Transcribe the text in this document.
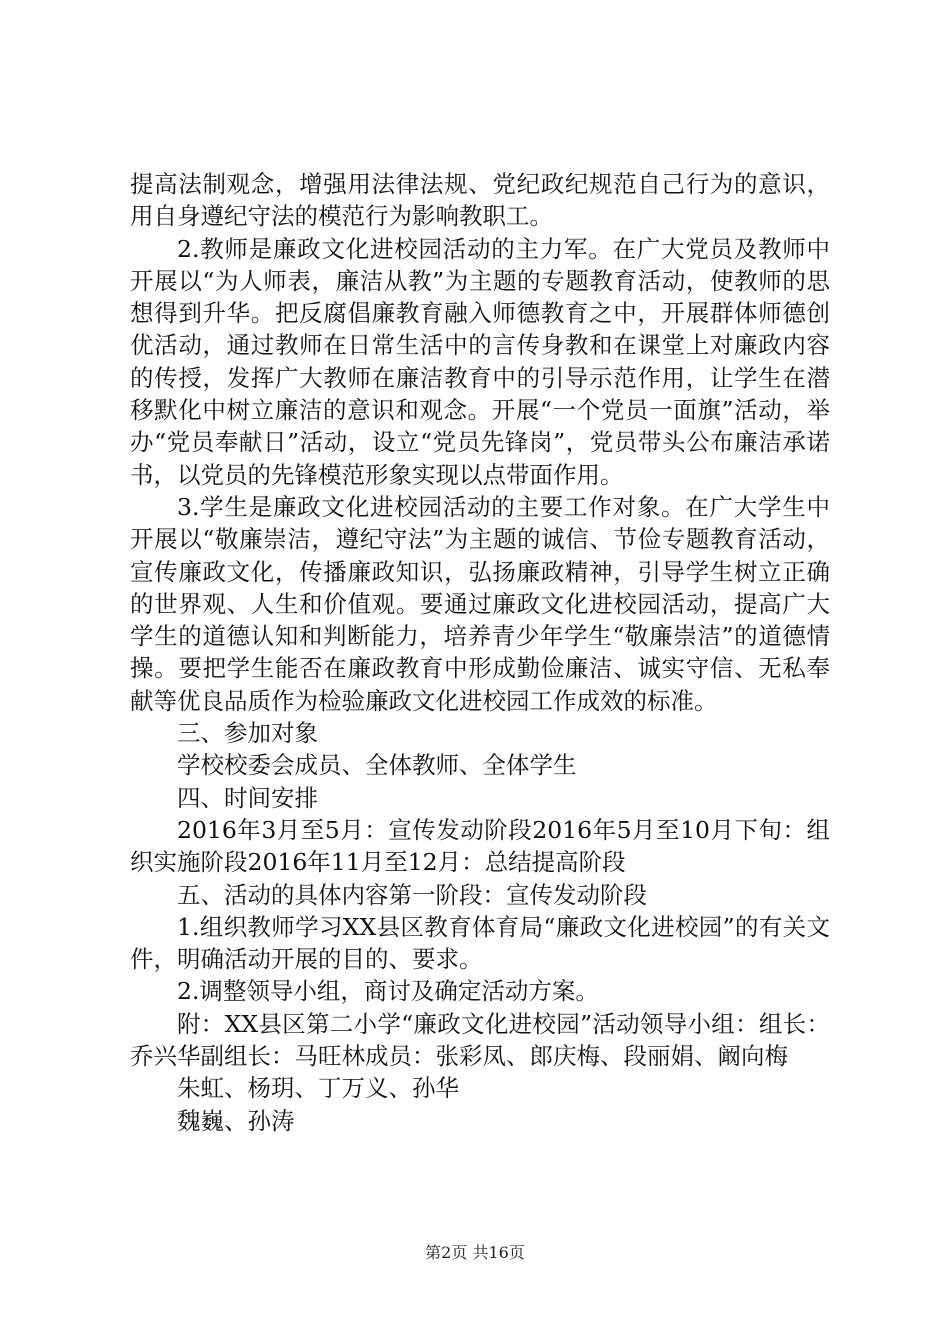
提高法制观念，增强用法律法规、党纪政纪规范自己行为的意识，用自身遵纪守法的模范行为影响教职工。

2.教师是廉政文化进校园活动的主力军。在广大党员及教师中开展以“为人师表，廉洁从教”为主题的专题教育活动，使教师的思想得到升华。把反腐倡廉教育融入师德教育之中，开展群体师德创优活动，通过教师在日常生活中的言传身教和在课堂上对廉政内容的传授，发挥广大教师在廉洁教育中的引导示范作用，让学生在潜移默化中树立廉洁的意识和观念。开展“一个党员一面旗”活动，举办“党员奉献日”活动，设立“党员先锋岗”，党员带头公布廉洁承诺书，以党员的先锋模范形象实现以点带面作用。

3.学生是廉政文化进校园活动的主要工作对象。在广大学生中开展以“敬廉崇洁，遵纪守法”为主题的诚信、节俭专题教育活动，宣传廉政文化，传播廉政知识，弘扬廉政精神，引导学生树立正确的世界观、人生和价值观。要通过廉政文化进校园活动，提高广大学生的道德认知和判断能力，培养青少年学生“敬廉崇洁”的道德情操。要把学生能否在廉政教育中形成勤俭廉洁、诚实守信、无私奉献等优良品质作为检验廉政文化进校园工作成效的标准。

三、参加对象

学校校委会成员、全体教师、全体学生

四、时间安排

2016年3月至5月：宣传发动阶段2016年5月至10月下旬：组织实施阶段2016年11月至12月：总结提高阶段

五、活动的具体内容第一阶段：宣传发动阶段

1.组织教师学习XX县区教育体育局“廉政文化进校园”的有关文件，明确活动开展的目的、要求。

2.调整领导小组，商讨及确定活动方案。

附：XX县区第二小学“廉政文化进校园”活动领导小组：组长：乔兴华副组长：马旺林成员：张彩凤、郎庆梅、段丽娟、阚向梅

朱虹、杨玥、丁万义、孙华

魏巍、孙涛

第2页 共16页
